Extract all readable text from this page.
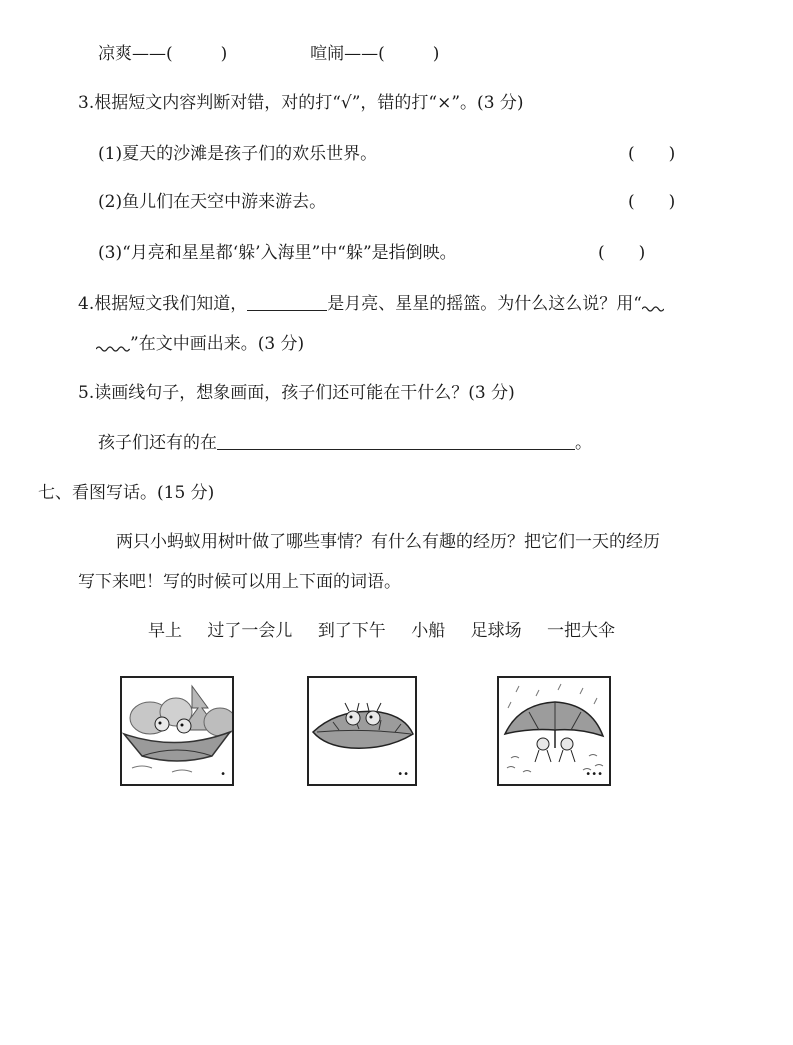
凉爽——(	)	喧闹——(	)
3.根据短文内容判断对错，对的打“√”，错的打“×”。(3 分)
(1)夏天的沙滩是孩子们的欢乐世界。	(　　)
(2)鱼儿们在天空中游来游去。	(　　)
(3)“月亮和星星都‘躲’入海里”中“躲”是指倒映。	(　　)
4.根据短文我们知道，	是月亮、星星的摇篮。为什么这么说？用“
”在文中画出来。(3 分)
5.读画线句子，想象画面，孩子们还可能在干什么？(3 分)
孩子们还有的在	。
七、看图写话。(15 分)
两只小蚂蚁用树叶做了哪些事情？有什么有趣的经历？把它们一天的经历
写下来吧！写的时候可以用上下面的词语。
早上 过了一会儿 到了下午 小船 足球场 一把大伞
•	••	•••
